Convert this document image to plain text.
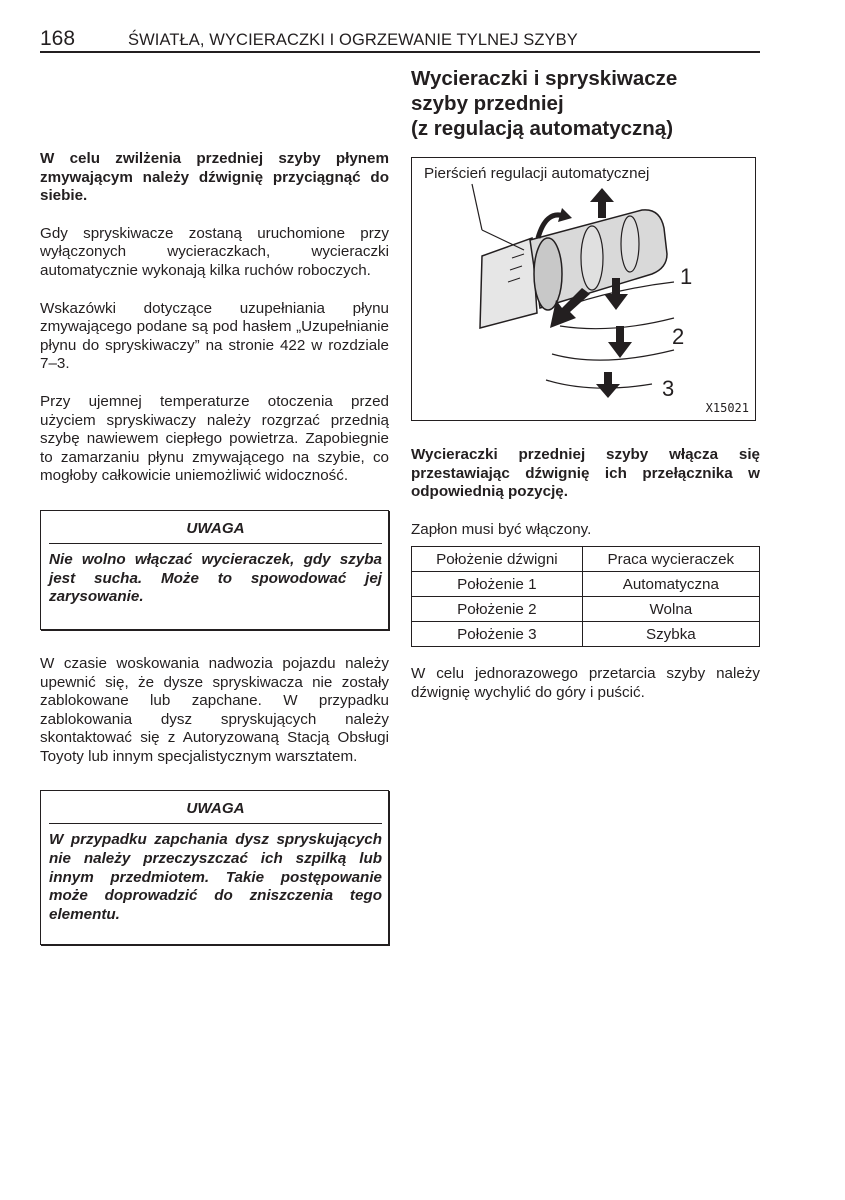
168	ŚWIATŁA, WYCIERACZKI I OGRZEWANIE TYLNEJ SZYBY

W celu zwilżenia przedniej szyby płynem zmywającym należy dźwignię przyciągnąć do siebie.

Gdy spryskiwacze zostaną uruchomione przy wyłączonych wycieraczkach, wycieraczki automatycznie wykonają kilka ruchów roboczych.

Wskazówki dotyczące uzupełniania płynu zmywającego podane są pod hasłem „Uzupełnianie płynu do spryskiwaczy” na stronie 422 w rozdziale 7–3.

Przy ujemnej temperaturze otoczenia przed użyciem spryskiwaczy należy rozgrzać przednią szybę nawiewem ciepłego powietrza. Zapobiegnie to zamarzaniu płynu zmywającego na szybie, co mogłoby całkowicie uniemożliwić widoczność.

UWAGA
Nie wolno włączać wycieraczek, gdy szyba jest sucha. Może to spowodować jej zarysowanie.

W czasie woskowania nadwozia pojazdu należy upewnić się, że dysze spryskiwacza nie zostały zablokowane lub zapchane. W przypadku zablokowania dysz spryskujących należy skontaktować się z Autoryzowaną Stacją Obsługi Toyoty lub innym specjalistycznym warsztatem.

UWAGA
W przypadku zapchania dysz spryskujących nie należy przeczyszczać ich szpilką lub innym przedmiotem. Takie postępowanie może doprowadzić do zniszczenia tego elementu.
Wycieraczki i spryskiwacze
szyby przedniej
(z regulacją automatyczną)
1
2
3
Pierścień regulacji automatycznej
X15021

Wycieraczki przedniej szyby włącza się przestawiając dźwignię ich przełącznika w odpowiednią pozycję.

Zapłon musi być włączony.

Położenie dźwigni	Praca wycieraczek
Położenie 1	Automatyczna
Położenie 2	Wolna
Położenie 3	Szybka

W celu jednorazowego przetarcia szyby należy dźwignię wychylić do góry i puścić.
